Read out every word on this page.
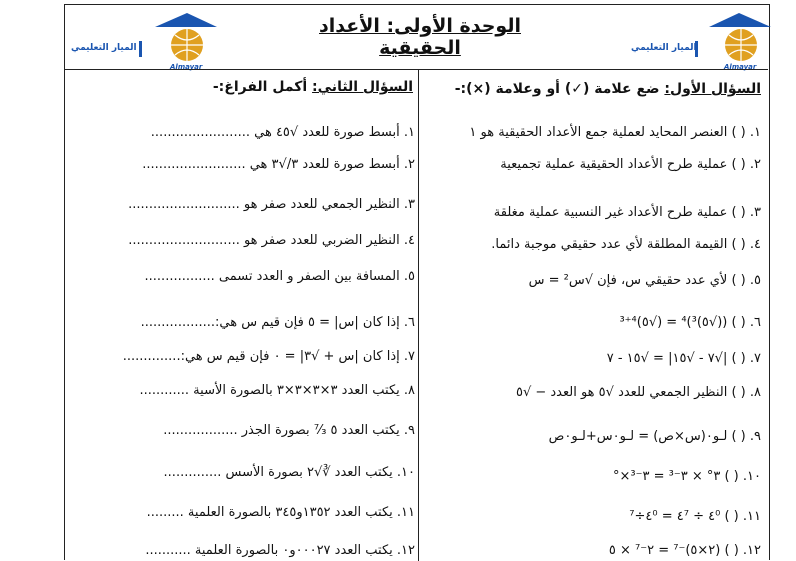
الميار التعليمي
Almayar
الوحدة الأولى: الأعداد الحقيقية	الميار التعليمي
Almayar
السؤال الأول: ضع علامة (✓) أو وعلامة (×):-
١. ( ) العنصر المحايد لعملية جمع الأعداد الحقيقية هو ١
٢. ( ) عملية طرح الأعداد الحقيقية عملية تجميعية
٣. ( ) عملية طرح الأعداد غير النسبية عملية مغلقة
٤. ( ) القيمة المطلقة لأي عدد حقيقي موجبة دائما.
٥. ( ) لأي عدد حقيقي س، فإن √س² = س
٦. ( ) ((√٥)³)⁴ = (√٥)³⁺⁴
٧. ( ) |√٧ - √١٥| = √١٥ - ٧
٨. ( ) النظير الجمعي للعدد √٥ هو العدد − √٥
٩. ( ) لـو٠(س×ص) = لـو٠س+لـو٠ص
١٠. ( ) ٣° × ٣⁻³ = ٣⁻³×°
١١. ( ) ٤⁰ ÷ ٤⁷ = ٤⁰÷⁷
١٢. ( ) (٢×٥)⁻⁷ = ٢⁻⁷ × ٥
السؤال الثاني: أكمل الفراغ:-
١. أبسط صورة للعدد √٤٥ هي ........................
٢. أبسط صورة للعدد ٣/√٣ هي .........................
٣. النظير الجمعي للعدد صفر هو ...........................
٤. النظير الضربي للعدد صفر هو ...........................
٥. المسافة بين الصفر و العدد تسمى .................
٦. إذا كان |س| = ٥ فإن قيم س هي:..................
٧. إذا كان |س + √٣| = ٠ فإن قيم س هي:..............
٨. يكتب العدد ٣×٣×٣×٣ بالصورة الأسية ............
٩. يكتب العدد ٥ ⁷⁄₃ بصورة الجذر ..................
١٠. يكتب العدد ∛√٢ بصورة الأسس ..............
١١. يكتب العدد ١٣٥٢و٣٤٥ بالصورة العلمية .........
١٢. يكتب العدد ٠٠٠٢٧و٠ بالصورة العلمية ...........
